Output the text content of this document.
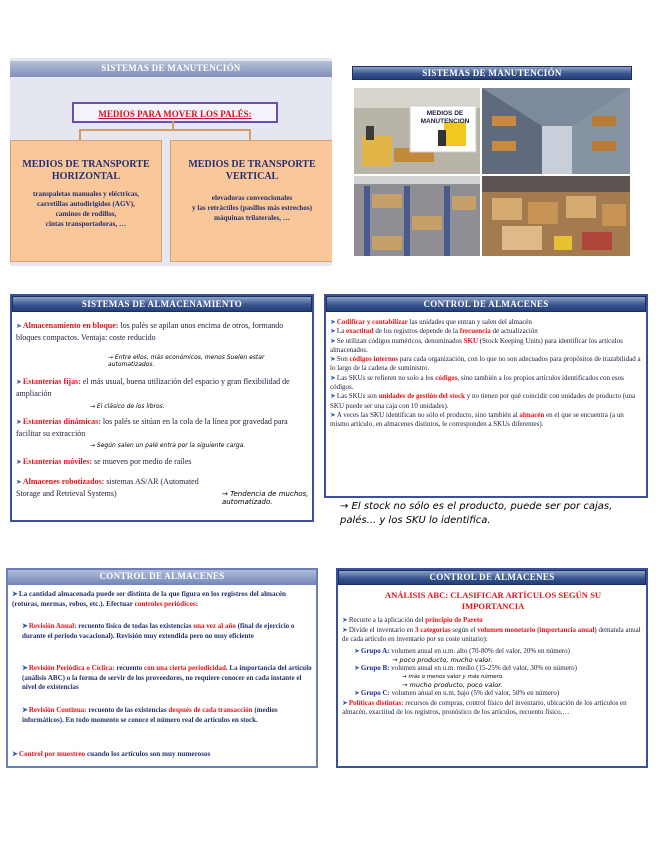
SISTEMAS DE MANUTENCIÓN
MEDIOS PARA MOVER LOS PALÉS:
MEDIOS DE TRANSPORTE HORIZONTAL
transpaletas manuales y eléctricas,
carretillas autodirigidos (AGV),
caminos de rodillos,
cintas transportadoras, …
MEDIOS DE TRANSPORTE VERTICAL
elevadoras convencionales
y las retráctiles (pasillos más estrechos)
máquinas trilaterales, …
SISTEMAS DE MANUTENCIÓN
MEDIOS DE MANUTENCION
SISTEMAS DE ALMACENAMIENTO
➤Almacenamiento en bloque: los palés se apilan unos encima de otros, formando bloques compactos. Ventaja: coste reducido
➤Estanterías fijas: el más usual, buena utilización del espacio y gran flexibilidad de ampliación
➤Estanterías dinámicas: los palés se sitúan en la cola de la línea por gravedad para facilitar su extracción
➤Estanterías móviles: se mueven por medio de raíles
➤Almacenes robotizados: sistemas AS/AR (Automated Storage and Retrieval Systems)
→ Entre ellos, más económicos, menos Suelen estar automatizados.
→ El clásico de los libros.
→ Según salen un palé entra por la siguiente carga.
→ Tendencia de muchos, automatizado.
CONTROL DE ALMACENES
➤Codificar y contabilizar las unidades que entran y salen del almacén
➤La exactitud de los registros depende de la frecuencia de actualización
➤Se utilizan códigos numéricos, denominados SKU (Stock Keeping Units) para identificar los artículos almacenados.
➤Son códigos internos para cada organización, con lo que no son adecuados para propósitos de trazabilidad a lo largo de la cadena de suministro.
➤Las SKUs se refieren no solo a los códigos, sino también a los propios artículos identificados con esos códigos.
➤Las SKUs son unidades de gestión del stock y no tienen por qué coincidir con unidades de producto (una SKU puede ser una caja con 10 unidades).
➤A veces las SKU identifican no sólo el producto, sino también al almacén en el que se encuentra (a un mismo artículo, en almacenes distintos, le corresponden a SKUs diferentes).
→ El stock no sólo es el producto, puede ser por cajas, palés... y los SKU lo identifica.
CONTROL DE ALMACENES
➤La cantidad almacenada puede ser distinta de la que figura en los registros del almacén (roturas, mermas, robos, etc.). Efectuar controles periódicos:
➤Revisión Anual: recuento físico de todas las existencias una vez al año (final de ejercicio o durante el periodo vacacional). Revisión muy extendida pero no muy eficiente
➤Revisión Periódica o Cíclica: recuento con una cierta periodicidad. La importancia del artículo (análisis ABC) o la forma de servir de los proveedores, no requiere conocer en cada instante el nivel de existencias
➤Revisión Continua: recuento de las existencias después de cada transacción (medios informáticos). En todo momento se conoce el número real de artículos en stock.
➤Control por muestreo cuando los artículos son muy numerosos
CONTROL DE ALMACENES
ANÁLISIS ABC: CLASIFICAR ARTÍCULOS SEGÚN SU IMPORTANCIA
➤Recurre a la aplicación del principio de Pareto
➤Divide el inventario en 3 categorías según el volumen monetario (importancia anual) demanda anual de cada artículo en inventario por su coste unitario):
➤Grupo A: volumen anual en u.m. alto (70-80% del valor, 20% en número)
→ poco producto, mucho valor.
➤Grupo B: volumen anual en u.m. medio (15-25% del valor, 30% en número)
→ más o menos valor y más número.
→ mucho producto, poco valor.
➤Grupo C: volumen anual en u.m. bajo (5% del valor, 50% en número)
➤Políticas distintas: recursos de compras, control físico del inventario, ubicación de los artículos en almacén, exactitud de los registros, pronóstico de los artículos, recuento físico,…
